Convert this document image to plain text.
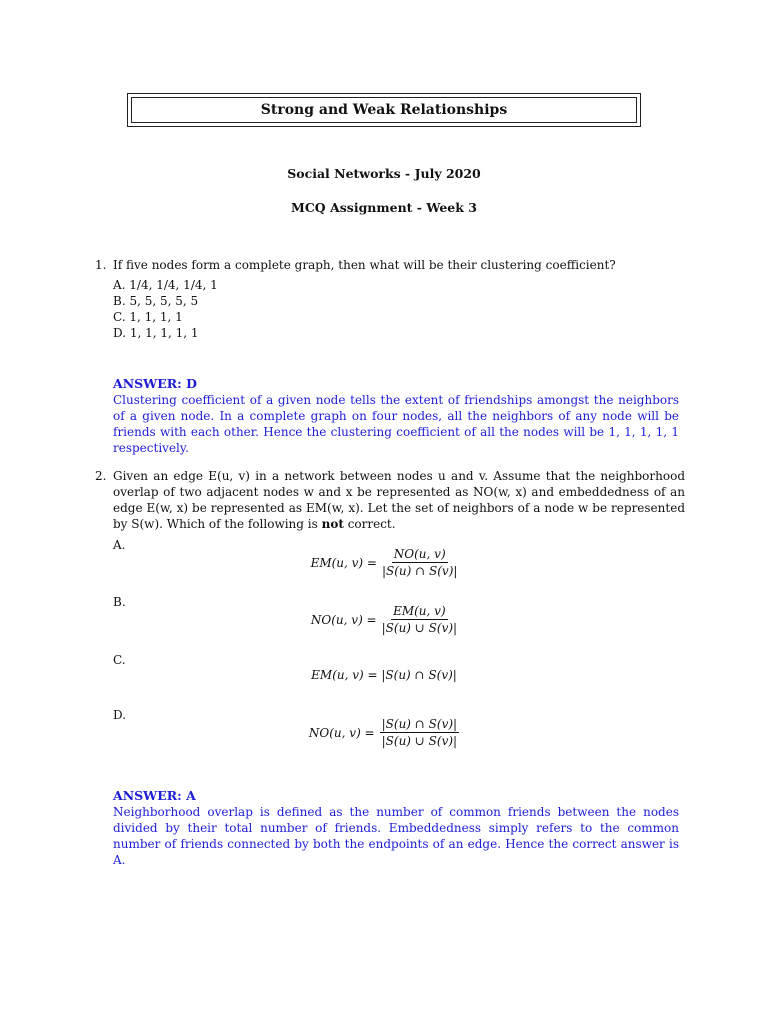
Strong and Weak Relationships
Social Networks - July 2020
MCQ Assignment - Week 3
1. If five nodes form a complete graph, then what will be their clustering coefficient?
A. 1/4, 1/4, 1/4, 1
B. 5, 5, 5, 5, 5
C. 1, 1, 1, 1
D. 1, 1, 1, 1, 1
ANSWER: D
Clustering coefficient of a given node tells the extent of friendships amongst the neighbors of a given node. In a complete graph on four nodes, all the neighbors of any node will be friends with each other. Hence the clustering coefficient of all the nodes will be 1, 1, 1, 1, 1 respectively.
2. Given an edge E(u, v) in a network between nodes u and v. Assume that the neighborhood overlap of two adjacent nodes w and x be represented as NO(w, x) and embeddedness of an edge E(w, x) be represented as EM(w, x). Let the set of neighbors of a node w be represented by S(w). Which of the following is not correct.
A.
EM(u, $v) = \frac{NO(u, v)}{|S(u) \cap S(v)|}$
B.
NO(u, $v) = \frac{EM(u, v)}{|S(u) \cup S(v)|}$
C.
EM(u, v) = |S(u) ∩ S(v)|
D.
NO(u, $v) = \frac{|S(u) \cap S(v)|}{|S(u) \cup S(v)|}$
ANSWER: A
Neighborhood overlap is defined as the number of common friends between the nodes divided by their total number of friends. Embeddedness simply refers to the common number of friends connected by both the endpoints of an edge. Hence the correct answer is A.
